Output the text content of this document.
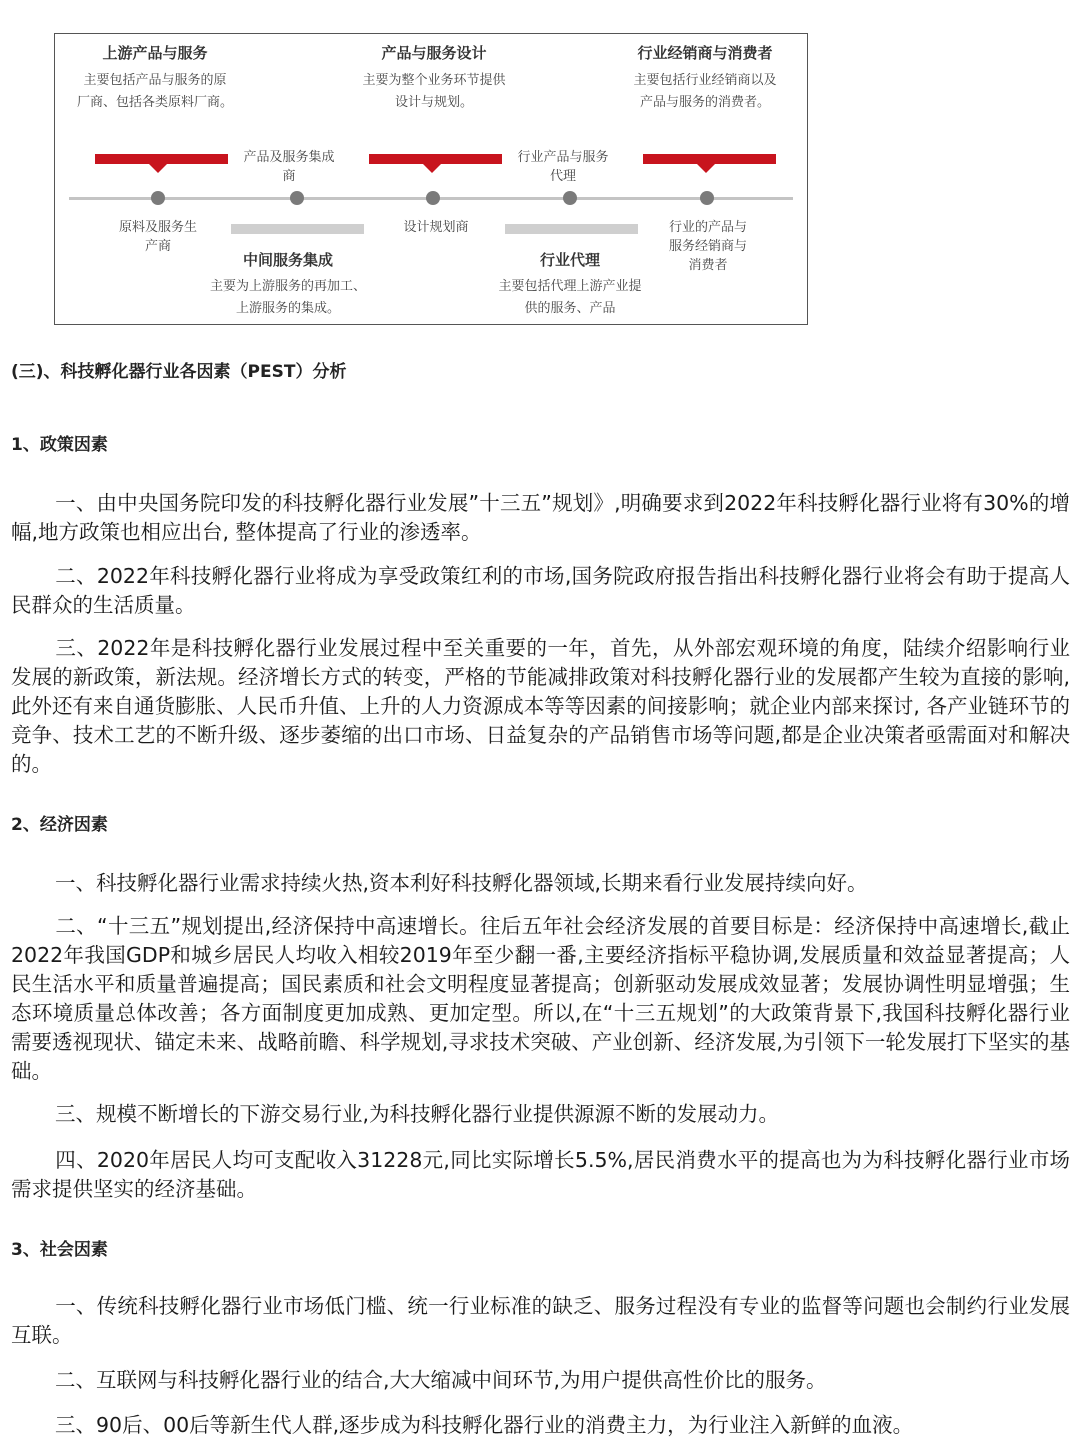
上游产品与服务
主要包括产品与服务的原
厂商、包括各类原料厂商。
产品与服务设计
主要为整个业务环节提供
设计与规划。
行业经销商与消费者
主要包括行业经销商以及
产品与服务的消费者。
产品及服务集成
商
行业产品与服务
代理
原料及服务生
产商
设计规划商	行业的产品与
服务经销商与
消费者
中间服务集成
主要为上游服务的再加工、
上游服务的集成。
行业代理
主要包括代理上游产业提
供的服务、产品
(三)、科技孵化器行业各因素（PEST）分析
1、政策因素
一、由中央国务院印发的科技孵化器行业发展”十三五”规划》,明确要求到2022年科技孵化器行业将有30%的增幅,地方政策也相应出台, 整体提高了行业的渗透率。
二、2022年科技孵化器行业将成为享受政策红利的市场,国务院政府报告指出科技孵化器行业将会有助于提高人民群众的生活质量。
三、2022年是科技孵化器行业发展过程中至关重要的一年，首先，从外部宏观环境的角度，陆续介绍影响行业发展的新政策，新法规。经济增长方式的转变，严格的节能减排政策对科技孵化器行业的发展都产生较为直接的影响,此外还有来自通货膨胀、人民币升值、上升的人力资源成本等等因素的间接影响；就企业内部来探讨, 各产业链环节的竞争、技术工艺的不断升级、逐步萎缩的出口市场、日益复杂的产品销售市场等问题,都是企业决策者亟需面对和解决的。
2、经济因素
一、科技孵化器行业需求持续火热,资本利好科技孵化器领域,长期来看行业发展持续向好。
二、“十三五”规划提出,经济保持中高速增长。往后五年社会经济发展的首要目标是：经济保持中高速增长,截止2022年我国GDP和城乡居民人均收入相较2019年至少翻一番,主要经济指标平稳协调,发展质量和效益显著提高；人民生活水平和质量普遍提高；国民素质和社会文明程度显著提高；创新驱动发展成效显著；发展协调性明显增强；生态环境质量总体改善；各方面制度更加成熟、更加定型。所以,在“十三五规划”的大政策背景下,我国科技孵化器行业需要透视现状、锚定未来、战略前瞻、科学规划,寻求技术突破、产业创新、经济发展,为引领下一轮发展打下坚实的基础。
三、规模不断增长的下游交易行业,为科技孵化器行业提供源源不断的发展动力。
四、2020年居民人均可支配收入31228元,同比实际增长5.5%,居民消费水平的提高也为为科技孵化器行业市场需求提供坚实的经济基础。
3、社会因素
一、传统科技孵化器行业市场低门槛、统一行业标准的缺乏、服务过程没有专业的监督等问题也会制约行业发展互联。
二、互联网与科技孵化器行业的结合,大大缩减中间环节,为用户提供高性价比的服务。
三、90后、00后等新生代人群,逐步成为科技孵化器行业的消费主力，为行业注入新鲜的血液。
